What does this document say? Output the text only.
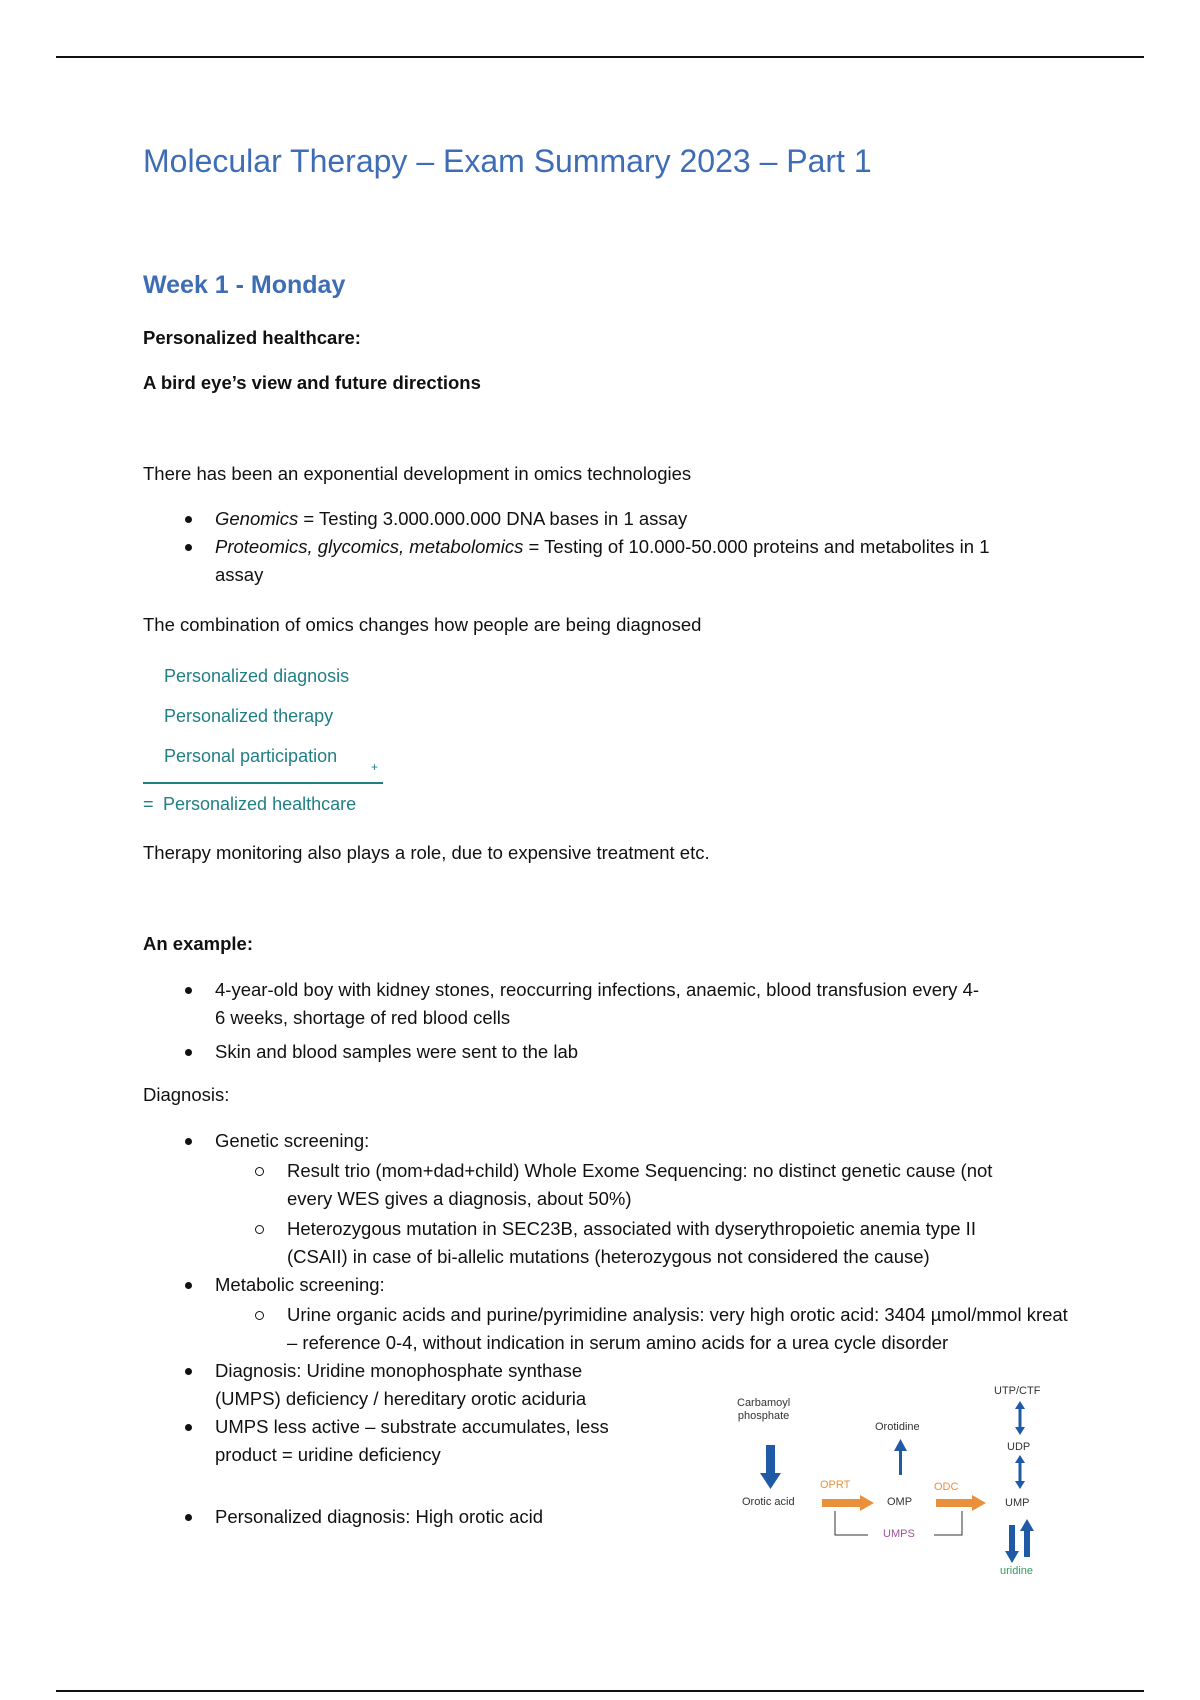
Molecular Therapy – Exam Summary 2023 – Part 1
Week 1 - Monday

Personalized healthcare:

A bird eye’s view and future directions

There has been an exponential development in omics technologies

Genomics = Testing 3.000.000.000 DNA bases in 1 assay
Proteomics, glycomics, metabolomics = Testing of 10.000-50.000 proteins and metabolites in 1 assay

The combination of omics changes how people are being diagnosed

Personalized diagnosis
Personalized therapy
Personal participation
+
= Personalized healthcare

Therapy monitoring also plays a role, due to expensive treatment etc.

An example:

4-year-old boy with kidney stones, reoccurring infections, anaemic, blood transfusion every 4-6 weeks, shortage of red blood cells
Skin and blood samples were sent to the lab

Diagnosis:

Genetic screening:
Result trio (mom+dad+child) Whole Exome Sequencing: no distinct genetic cause (not every WES gives a diagnosis, about 50%)
Heterozygous mutation in SEC23B, associated with dyserythropoietic anemia type II (CSAII) in case of bi-allelic mutations (heterozygous not considered the cause)
Metabolic screening:
Urine organic acids and purine/pyrimidine analysis: very high orotic acid: 3404 µmol/mmol kreat – reference 0-4, without indication in serum amino acids for a urea cycle disorder
Diagnosis: Uridine monophosphate synthase (UMPS) deficiency / hereditary orotic aciduria
UMPS less active – substrate accumulates, less product = uridine deficiency
Personalized diagnosis: High orotic acid
Carbamoyl
phosphate
Orotic acid
OPRT
OMP
Orotidine
ODC
UMP
UDP
UTP/CTF
UMPS
uridine
